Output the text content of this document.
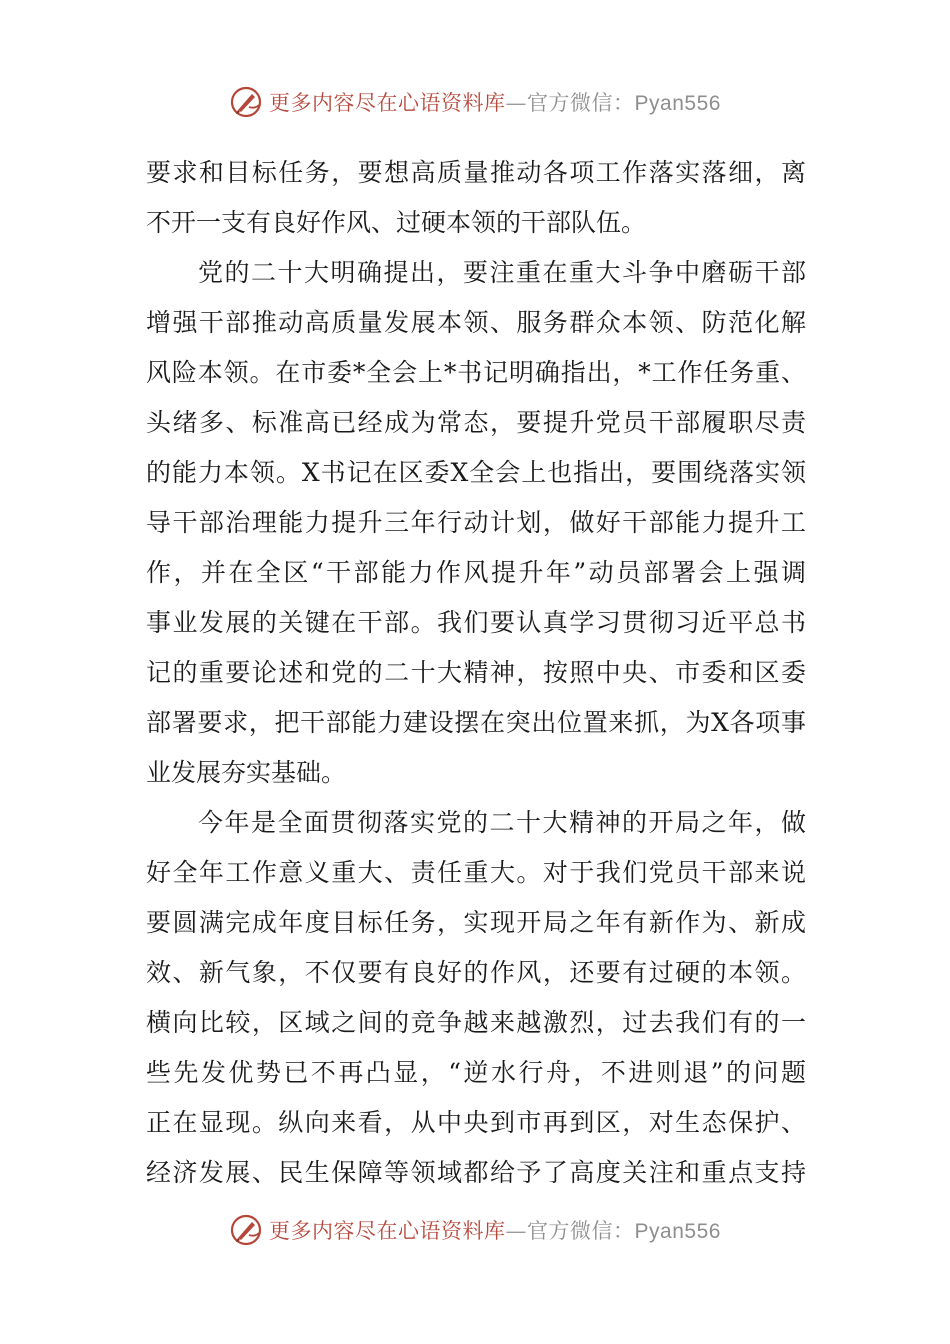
更多内容尽在心语资料库—官方微信：Pyan556
要求和目标任务，要想高质量推动各项工作落实落细，离
不开一支有良好作风、过硬本领的干部队伍。
党的二十大明确提出，要注重在重大斗争中磨砺干部
增强干部推动高质量发展本领、服务群众本领、防范化解
风险本领。在市委*全会上*书记明确指出，*工作任务重、
头绪多、标准高已经成为常态，要提升党员干部履职尽责
的能力本领。X书记在区委X全会上也指出，要围绕落实领
导干部治理能力提升三年行动计划，做好干部能力提升工
作，并在全区“干部能力作风提升年”动员部署会上强调
事业发展的关键在干部。我们要认真学习贯彻习近平总书
记的重要论述和党的二十大精神，按照中央、市委和区委
部署要求，把干部能力建设摆在突出位置来抓，为X各项事
业发展夯实基础。
今年是全面贯彻落实党的二十大精神的开局之年，做
好全年工作意义重大、责任重大。对于我们党员干部来说
要圆满完成年度目标任务，实现开局之年有新作为、新成
效、新气象，不仅要有良好的作风，还要有过硬的本领。
横向比较，区域之间的竞争越来越激烈，过去我们有的一
些先发优势已不再凸显，“逆水行舟，不进则退”的问题
正在显现。纵向来看，从中央到市再到区，对生态保护、
经济发展、民生保障等领域都给予了高度关注和重点支持
更多内容尽在心语资料库—官方微信：Pyan556
